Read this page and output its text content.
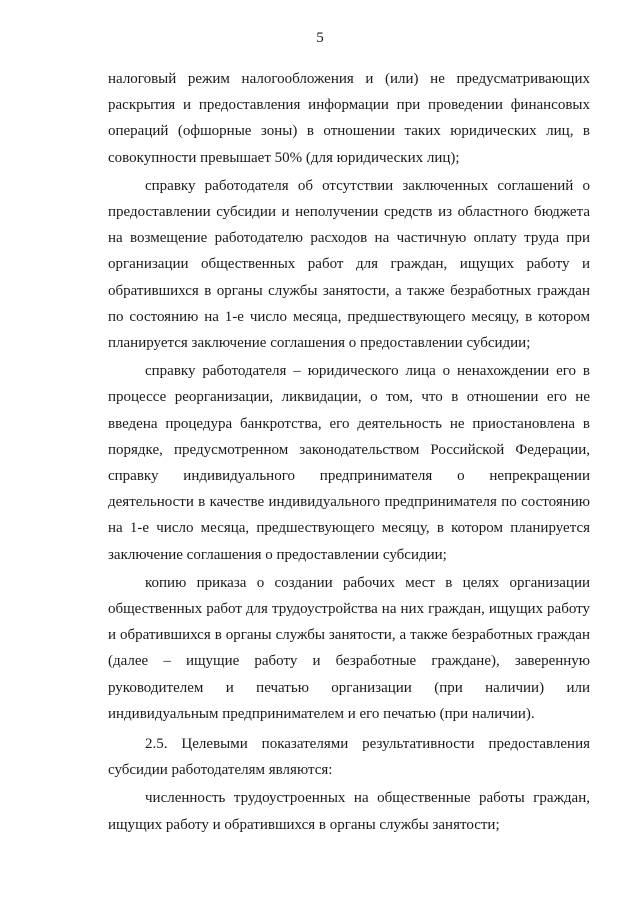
5

налоговый режим налогообложения и (или) не предусматривающих раскрытия и предоставления информации при проведении финансовых операций (офшорные зоны) в отношении таких юридических лиц, в совокупности превышает 50% (для юридических лиц);

справку работодателя об отсутствии заключенных соглашений о предоставлении субсидии и неполучении средств из областного бюджета на возмещение работодателю расходов на частичную оплату труда при организации общественных работ для граждан, ищущих работу и обратившихся в органы службы занятости, а также безработных граждан по состоянию на 1-е число месяца, предшествующего месяцу, в котором планируется заключение соглашения о предоставлении субсидии;

справку работодателя – юридического лица о ненахождении его в процессе реорганизации, ликвидации, о том, что в отношении его не введена процедура банкротства, его деятельность не приостановлена в порядке, предусмотренном законодательством Российской Федерации, справку индивидуального предпринимателя о непрекращении деятельности в качестве индивидуального предпринимателя по состоянию на 1-е число месяца, предшествующего месяцу, в котором планируется заключение соглашения о предоставлении субсидии;

копию приказа о создании рабочих мест в целях организации общественных работ для трудоустройства на них граждан, ищущих работу и обратившихся в органы службы занятости, а также безработных граждан (далее – ищущие работу и безработные граждане), заверенную руководителем и печатью организации (при наличии) или индивидуальным предпринимателем и его печатью (при наличии).

2.5. Целевыми показателями результативности предоставления субсидии работодателям являются:

численность трудоустроенных на общественные работы граждан, ищущих работу и обратившихся в органы службы занятости;
